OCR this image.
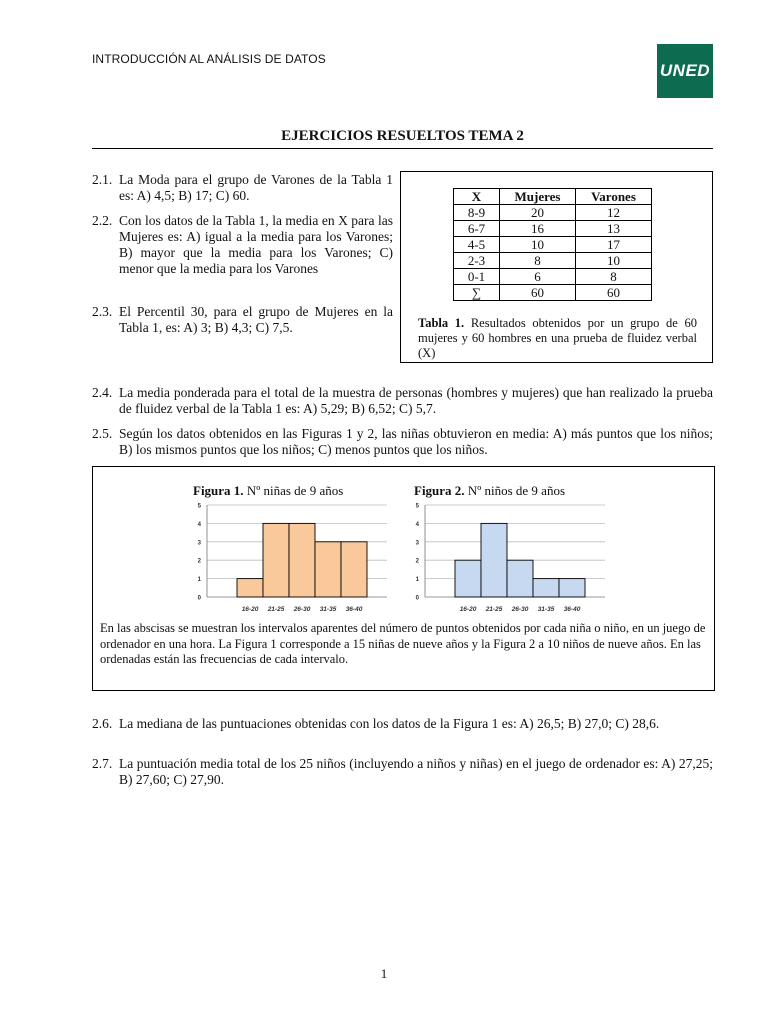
INTRODUCCIÓN AL ANÁLISIS DE DATOS
UNED
EJERCICIOS RESUELTOS TEMA 2
2.1. La Moda para el grupo de Varones de la Tabla 1 es: A) 4,5; B) 17; C) 60.
2.2. Con los datos de la Tabla 1, la media en X para las Mujeres es: A) igual a la media para los Varones; B) mayor que la media para los Varones; C) menor que la media para los Varones
2.3. El Percentil 30, para el grupo de Mujeres en la Tabla 1, es: A) 3; B) 4,3; C) 7,5.
X	Mujeres	Varones
8-9	20	12
6-7	16	13
4-5	10	17
2-3	8	10
0-1	6	8
∑	60	60
Tabla 1. Resultados obtenidos por un grupo de 60 mujeres y 60 hombres en una prueba de fluidez verbal (X)
2.4. La media ponderada para el total de la muestra de personas (hombres y mujeres) que han realizado la prueba de fluidez verbal de la Tabla 1 es: A) 5,29; B) 6,52; C) 5,7.
2.5. Según los datos obtenidos en las Figuras 1 y 2, las niñas obtuvieron en media: A) más puntos que los niños; B) los mismos puntos que los niños; C) menos puntos que los niños.
Figura 1. Nº niñas de 9 años	Figura 2. Nº niños de 9 años
0
1
2
3
4
5
16-20 21-25 26-30 31-35 36-40
0
1
2
3
4
5
16-20 21-25 26-30 31-35 36-40
En las abscisas se muestran los intervalos aparentes del número de puntos obtenidos por cada niña o niño, en un juego de ordenador en una hora. La Figura 1 corresponde a 15 niñas de nueve años y la Figura 2 a 10 niños de nueve años. En las ordenadas están las frecuencias de cada intervalo.
2.6. La mediana de las puntuaciones obtenidas con los datos de la Figura 1 es: A) 26,5; B) 27,0; C) 28,6.
2.7. La puntuación media total de los 25 niños (incluyendo a niños y niñas) en el juego de ordenador es: A) 27,25; B) 27,60; C) 27,90.
1
